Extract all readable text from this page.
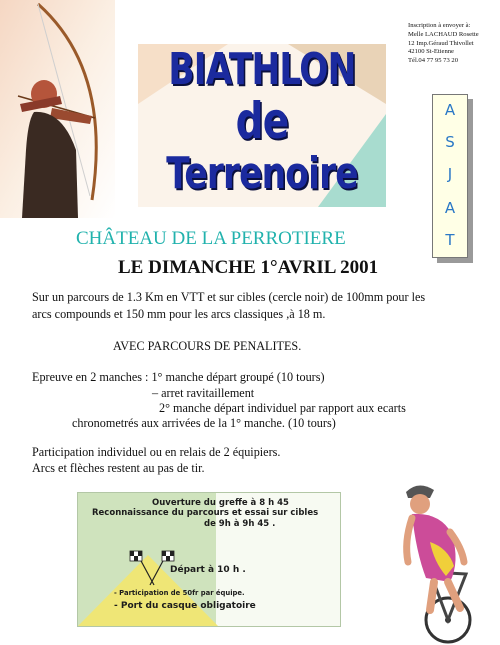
BIATHLON
de
Terrenoire
Inscription à envoyer à:
Melle LACHAUD Rosette
12 Imp.Géraud Thivollet
42100 St-Etienne
Tél.04 77 95 73 20
A
S
J
A
T
CHÂTEAU DE LA PERROTIERE
LE DIMANCHE 1°AVRIL 2001
Sur un parcours de 1.3 Km en VTT et sur cibles (cercle noir) de 100mm pour les
arcs compounds et 150 mm pour les arcs classiques ,à 18 m.
AVEC PARCOURS DE PENALITES.
Epreuve en 2 manches : 1° manche départ groupé (10 tours)
– arret ravitaillement
2° manche départ individuel par rapport aux ecarts
chronometrés aux arrivées de la 1° manche. (10 tours)
Participation individuel ou en relais de 2 équipiers.
Arcs et flèches restent au pas de tir.
Ouverture du greffe à 8 h 45
Reconnaissance du parcours et essai sur cibles
de 9h à 9h 45 .
Départ à 10 h .
- Participation de 50fr par équipe.
- Port du casque obligatoire
